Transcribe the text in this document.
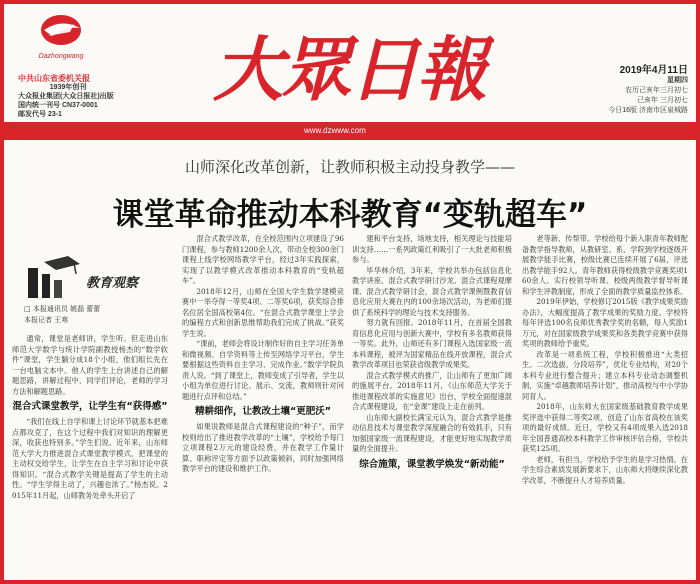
Dazhongwang
中共山东省委机关报
1939年创刊
大众报业集团(大众日报社)出版
国内统一刊号 CN37-0001
邮发代号 23-1
大眾日報	2019年4月11日
星期四
农历己亥年三月初七
己亥年 三月初七
今日16版 济南市区泉城路
www.dzwww.com
山师深化改革创新，让教师积极主动投身教学——
课堂革命推动本科教育“变轨超车”
教育观察
□ 本报通讯员 姚磊 蕾蕾
本报记者 王寒

通常，课堂是老师讲，学生听。但走进山东师范大学数学与统计学院副教授杨杰的“数学软件”课堂，学生躺分成18个小组，他们组长先在一台电脑文本中。他人的学生上台讲述自己的解题思路，讲解过程中，同学们评论，老师的学习方法和解题思路。

混合式课堂教学，让学生有“获得感”

“我们在线上自学和课上讨论环节就基本把难点都攻克了，在这个过程中我们对知识的理解更深，收获也特别多。”学生们说。近年来，山东师范大学大力推进混合式课堂教学模式，把课堂的主动权交给学生，让学生在自主学习和讨论中获得知识。“混合式教学关键是提高了学生的主动性。“学生学得主动了，兴趣也浓了。”杨杰说。2015年11月起，山师教务处牵头开启了

混合式教学改革，在全校范围内立项建设了96门课程，参与教师1200余人次，带动全校300余门课程上线学校网络教学平台，经过3年实践探索，实现了以教学模式改革推动本科教育的“变轨超车”。

2018年12月，山师在全国大学生数学建模竞赛中一举夺得一等奖4项、二等奖6项，获奖综合排名位居全国高校第4位。“在混合式教学课堂上学会的编程方式和创新思维帮助我们完成了挑战。”获奖学生说。

“课前，老师会将设计制作好的自主学习任务单和微视频、自学资料等上传至网络学习平台，学生要根据这些资料自主学习、完成作业。”数学学院负责人说。“到了课堂上，教师变成了引导者，学生以小组为单位进行讨论、展示、交流，教师则针对问题进行点评和总结。”

精耕细作，让教改土壤“更肥沃”

如果说教师是混合式课程建设的“种子”，而学校则给出了推进教学改革的“土壤”，学校给予每门立项课程2万元的建设经费，并在教学工作量计算、职称评定等方面予以政策倾斜，同时加强网络教学平台的建设和维护工作。

建和平台支持，场地支持，相关理论与技能培训支持……一系列政策红利吸引了一大批老师积极参与。

毕华林介绍，3年来，学校共举办包括信息化教学讲座、混合式教学研讨沙龙、混合式课程观摩课、混合式教学研讨会，混合式教学课例暨教育信息化应用大赛在内的100余场次活动，为老师们提供了系统科学的理论与技术支持服务。

努力就有回报。2018年11月，在首届全国教育信息化应用与创新大赛中，学校有多名教师获得一等奖。此外，山师还有多门课程入选国家级一流本科课程，被评为国家精品在线开放课程，混合式教学改革项目也荣获省级教学成果奖。

混合式教学模式的推广，让山师有了更加广阔的施展平台。2018年11月，《山东师范大学关于推进课程改革的实施意见》出台，学校全面提速混合式课程建设，在“金课”建设上走在前列。

山东师大副校长满宝元认为，混合式教学是推动信息技术与课堂教学深度融合的有效抓手，只有加强国家级一流课程建设，才能更好地实现教学质量的全面提升。

综合施策，课堂教学焕发“新动能”

老等新、传帮带。学校给每个新入职青年教师配备教学指导教师，从教研室、系、学院到学校逐级开展教学能手比赛，校级比赛已连续开展了6届，评选出教学能手92人。青年教师获得校级教学竞赛奖项160余人。实行校领导听课、校级两级教学督导听课和学生评教制度，形成了全面的教学质量监控体系。

2019年伊始，学校修订2015版《教学成果奖励办法》，大幅度提高了教学成果的奖励力度。学校将每年评选100名良师优秀教学奖的名额，每人奖励1万元，对在国家级教学成果奖和各类教学竞赛中获得奖项的教师给予重奖。

改革是一项系统工程，学校积极推进“大类招生、二次选拔、分段培养”，优化专业结构，对20个本科专业进行整合提升；建立本科专业动态调整机制，实施“卓越教师培养计划”，推动高校与中小学协同育人。

2018年，山东师大在国家级基础教育教学成果奖评选中获得二等奖2项，创造了山东省高校在该奖项的最好成绩。近日，学校又有4项成果入选2018年全国普通高校本科教学工作审核评估合格，学校共获奖125项。

老师，有担当，学校给予学生的是学习热情。在学生综合素质发展新要求下，山东师大将继续深化教学改革，不断提升人才培养质量。
